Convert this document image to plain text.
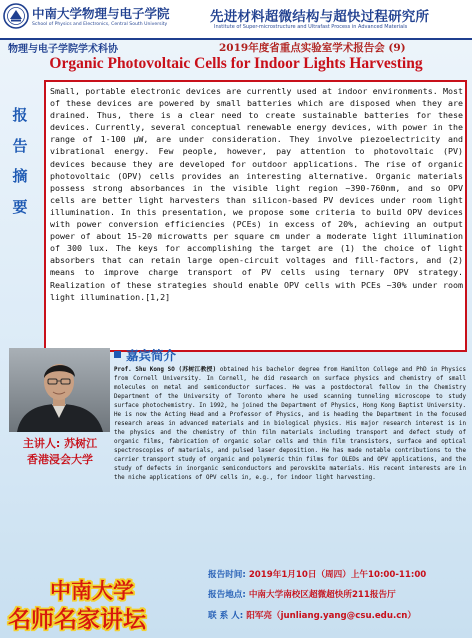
中南大学物理与电子学院
School of Physics and Electronics, Central South University	先进材料超微结构与超快过程研究所
Institute of Super-microstructure and Ultrafast Process in Advanced Materials
物理与电子学院学术科协	2019年度省重点实验室学术报告会 (9)
Organic Photovoltaic Cells for Indoor Lights Harvesting
报
告
摘
要

Small, portable electronic devices are currently used at indoor environments. Most of these devices are powered by small batteries which are disposed when they are drained. Thus, there is a clear need to create sustainable batteries for these devices. Currently, several conceptual renewable energy devices, with power in the range of 1-100 μW, are under consideration. They involve piezoelectricity and vibrational energy. Few people, however, pay attention to photovoltaic (PV) devices because they are developed for outdoor applications. The rise of organic photovoltaic (OPV) cells provides an interesting alternative. Organic materials possess strong absorbances in the visible light region ~390-760nm, and so OPV cells are better light harvesters than silicon-based PV devices under room light illumination. In this presentation, we propose some criteria to build OPV devices with power conversion efficiencies (PCEs) in excess of 20%, achieving an output power of about 15-20 microwatts per square cm under a moderate light illumination of 300 lux. The keys for accomplishing the target are (1) the choice of light absorbers that can retain large open-circuit voltages and fill-factors, and (2) means to improve charge transport of PV cells using ternary OPV strategy. Realization of these strategies should enable OPV cells with PCEs ~30% under room light illumination.[1,2]

嘉宾简介
主讲人: 苏树江
香港浸会大学

Prof. Shu Kong SO (苏树江教授) obtained his bachelor degree from Hamilton College and PhD in Physics from Cornell University. In Cornell, he did research on surface physics and chemistry of small molecules on metal and semiconductor surfaces. He was a postdoctoral fellow in the Chemistry Department of the University of Toronto where he used scanning tunneling microscope to study surface photochemistry. In 1992, he joined the Department of Physics, Hong Kong Baptist University. He is now the Acting Head and a Professor of Physics, and is heading the Department in the focused research areas in advanced materials and in biological physics. His major research interest is in the physics and the chemistry of thin film materials including transport and defect study of organic films, fabrication of organic solar cells and thin film transistors, surface and optical spectroscopies of materials, and pulsed laser deposition. He has made notable contributions to the carrier transport study of organic and polymeric thin films for OLEDs and OPV applications, and the study of defects in inorganic semiconductors and perovskite materials. His recent interests are in the niche applications of OPV cells in, e.g., for indoor light harvesting.

中南大学
名师名家讲坛
报告时间: 2019年1月10日（周四）上午10:00-11:00
报告地点: 中南大学南校区超微超快所211报告厅
联 系 人: 阳军亮（junliang.yang@csu.edu.cn）
